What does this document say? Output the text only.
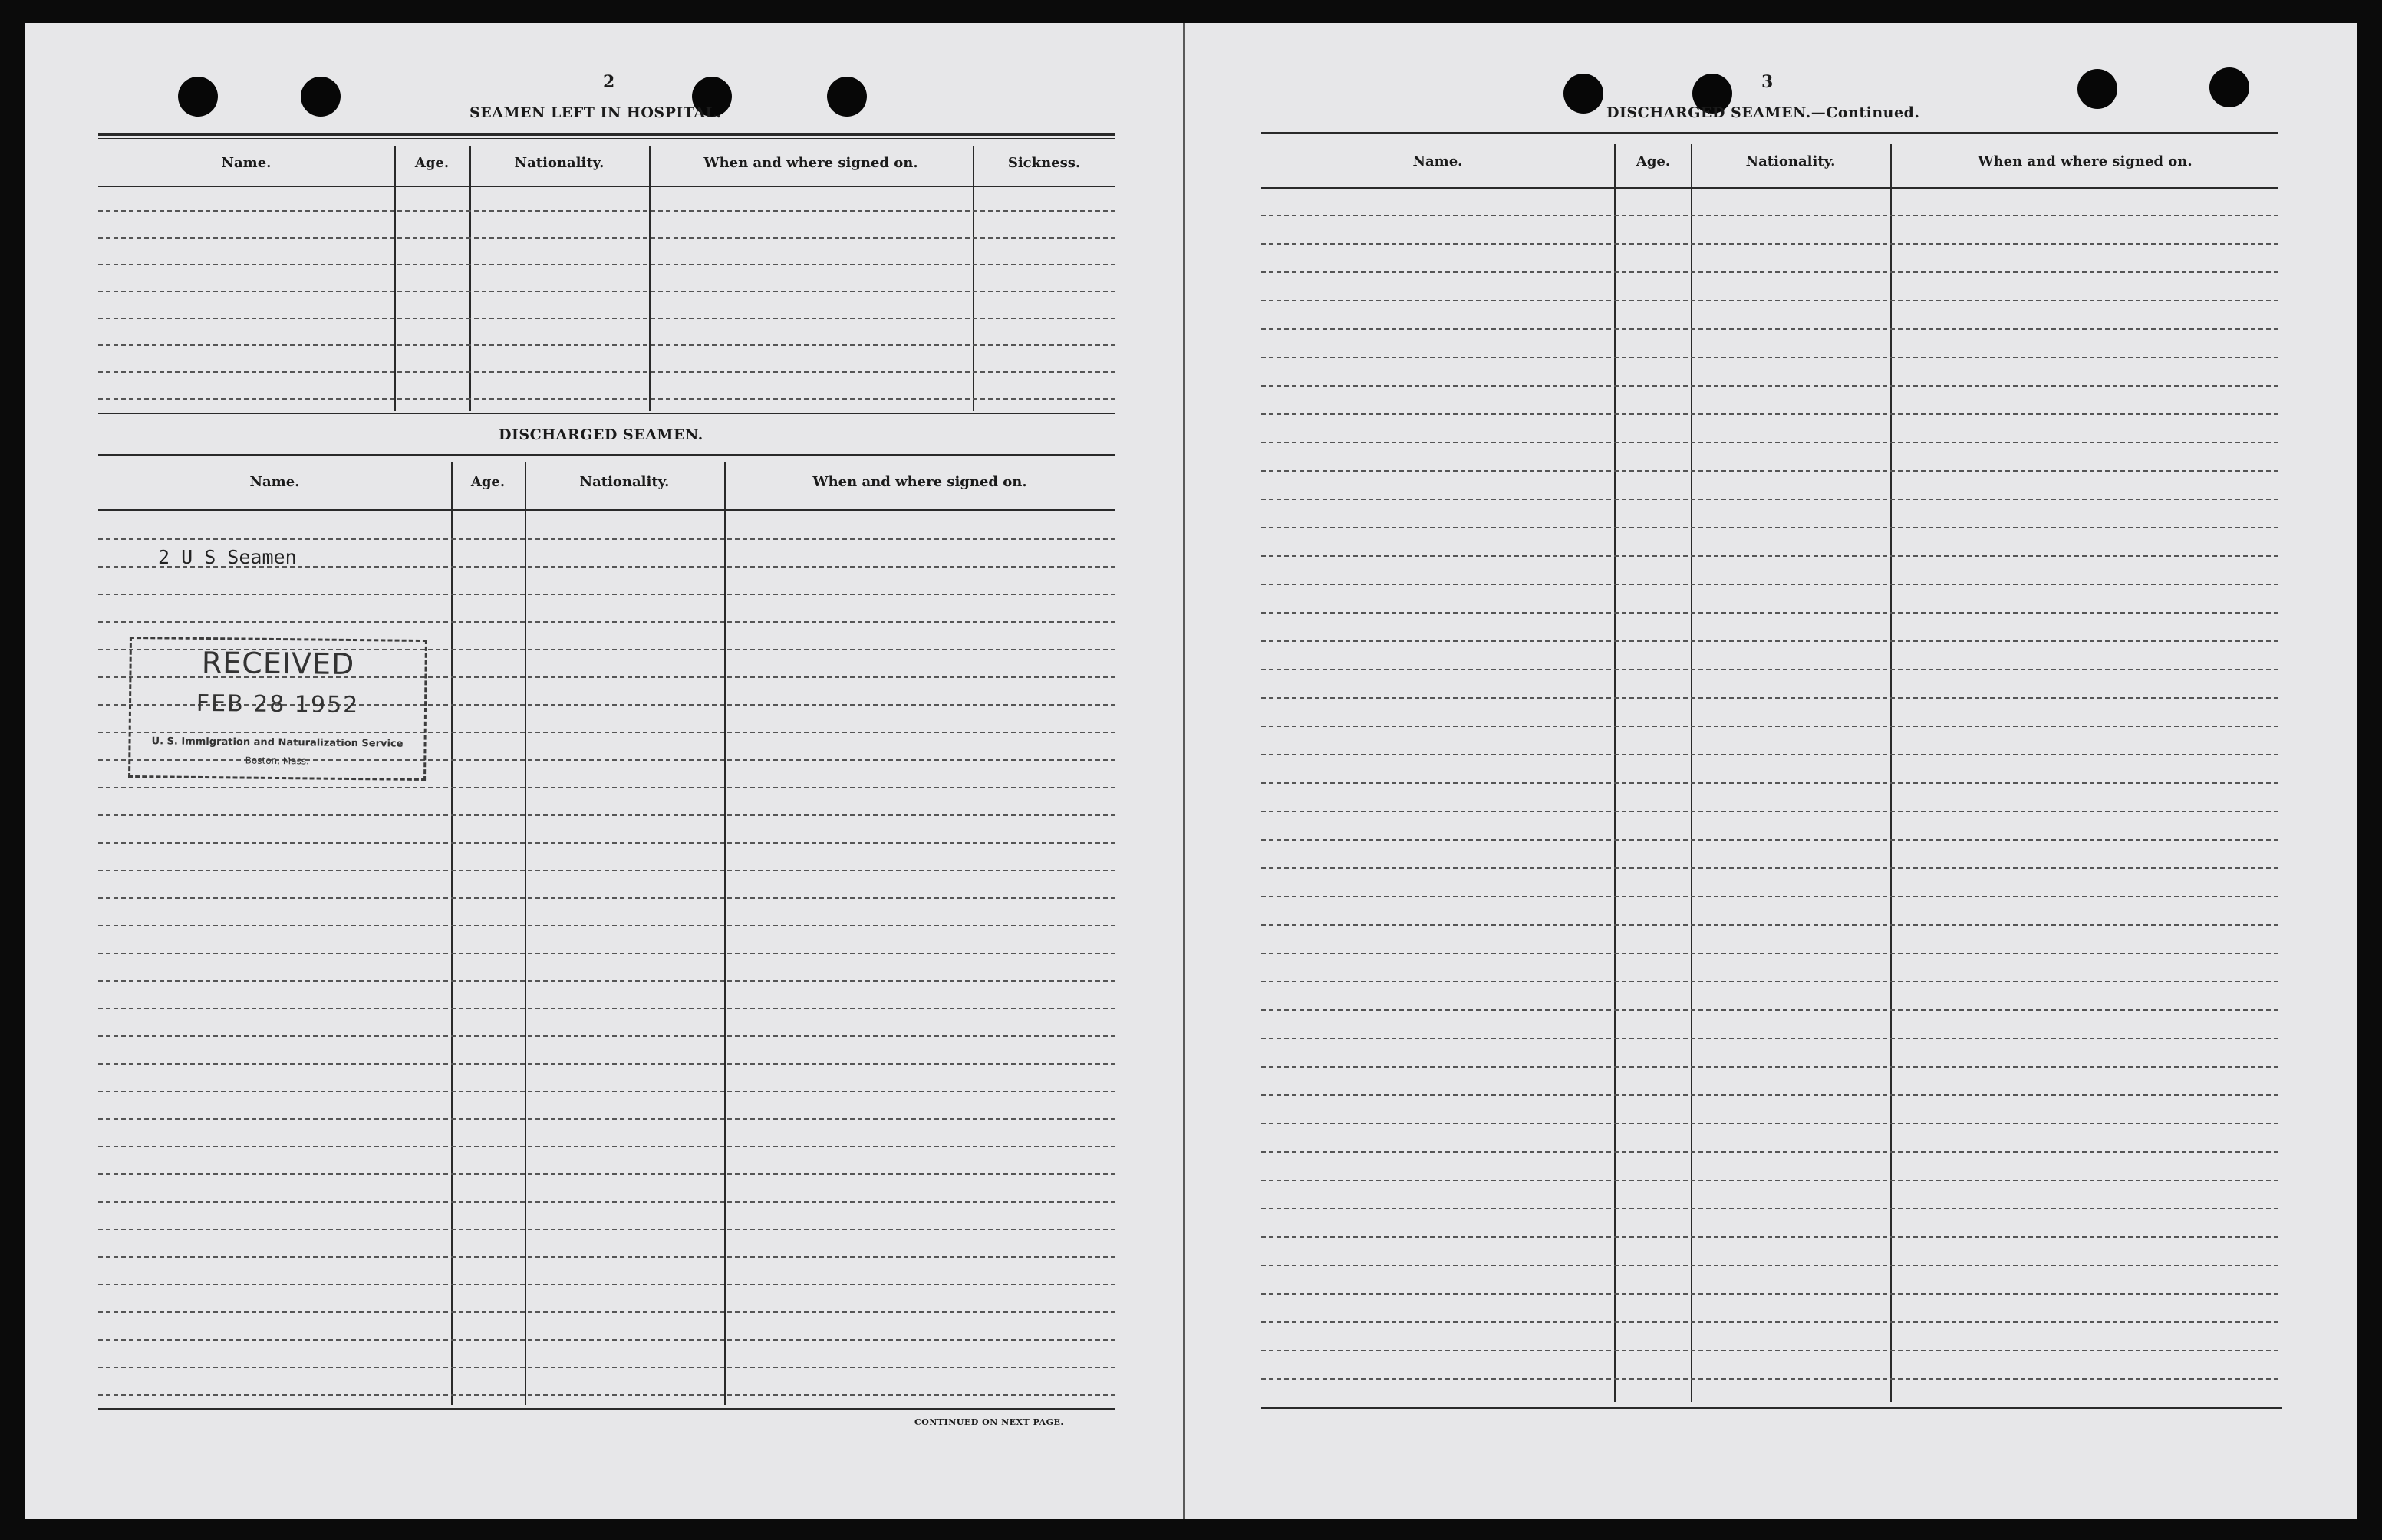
2
SEAMEN LEFT IN HOSPITAL.
Name.	Age.	Nationality.	When and where signed on.	Sickness.
DISCHARGED SEAMEN.
Name.	Age.	Nationality.	When and where signed on.
2 U S Seamen
RECEIVED
FEB 28 1952
U. S. Immigration and Naturalization Service
Boston, Mass.
CONTINUED ON NEXT PAGE.
3
DISCHARGED SEAMEN.—Continued.
Name.	Age.	Nationality.	When and where signed on.
